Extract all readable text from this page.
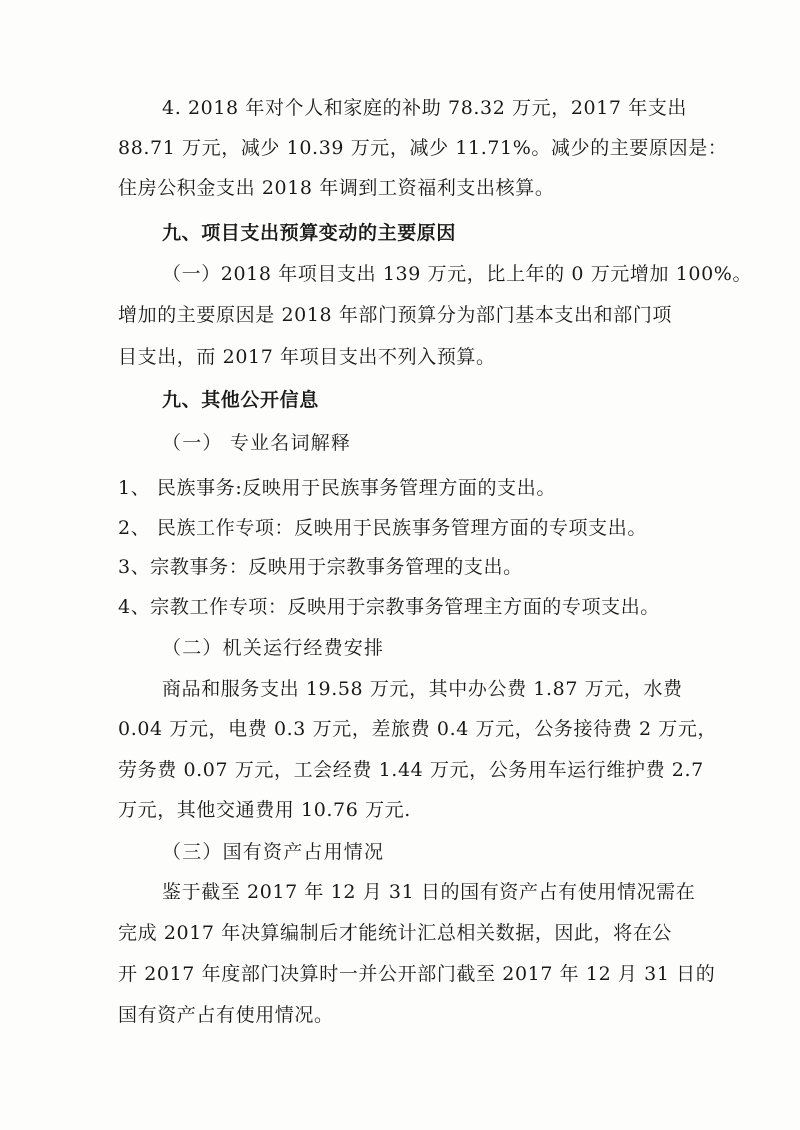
4. 2018 年对个人和家庭的补助 78.32 万元，2017 年支出
88.71 万元，减少 10.39 万元，减少 11.71%。减少的主要原因是：
住房公积金支出 2018 年调到工资福利支出核算。
九、项目支出预算变动的主要原因
（一）2018 年项目支出 139 万元，比上年的 0 万元增加 100%。
增加的主要原因是 2018 年部门预算分为部门基本支出和部门项
目支出，而 2017 年项目支出不列入预算。
九、其他公开信息
（一） 专业名词解释
1、 民族事务:反映用于民族事务管理方面的支出。
2、 民族工作专项：反映用于民族事务管理方面的专项支出。
3、宗教事务：反映用于宗教事务管理的支出。
4、宗教工作专项：反映用于宗教事务管理主方面的专项支出。
（二）机关运行经费安排
商品和服务支出 19.58 万元，其中办公费 1.87 万元，水费
0.04 万元，电费 0.3 万元，差旅费 0.4 万元，公务接待费 2 万元，
劳务费 0.07 万元，工会经费 1.44 万元，公务用车运行维护费 2.7
万元，其他交通费用 10.76 万元.
（三）国有资产占用情况
鉴于截至 2017 年 12 月 31 日的国有资产占有使用情况需在
完成 2017 年决算编制后才能统计汇总相关数据，因此，将在公
开 2017 年度部门决算时一并公开部门截至 2017 年 12 月 31 日的
国有资产占有使用情况。
